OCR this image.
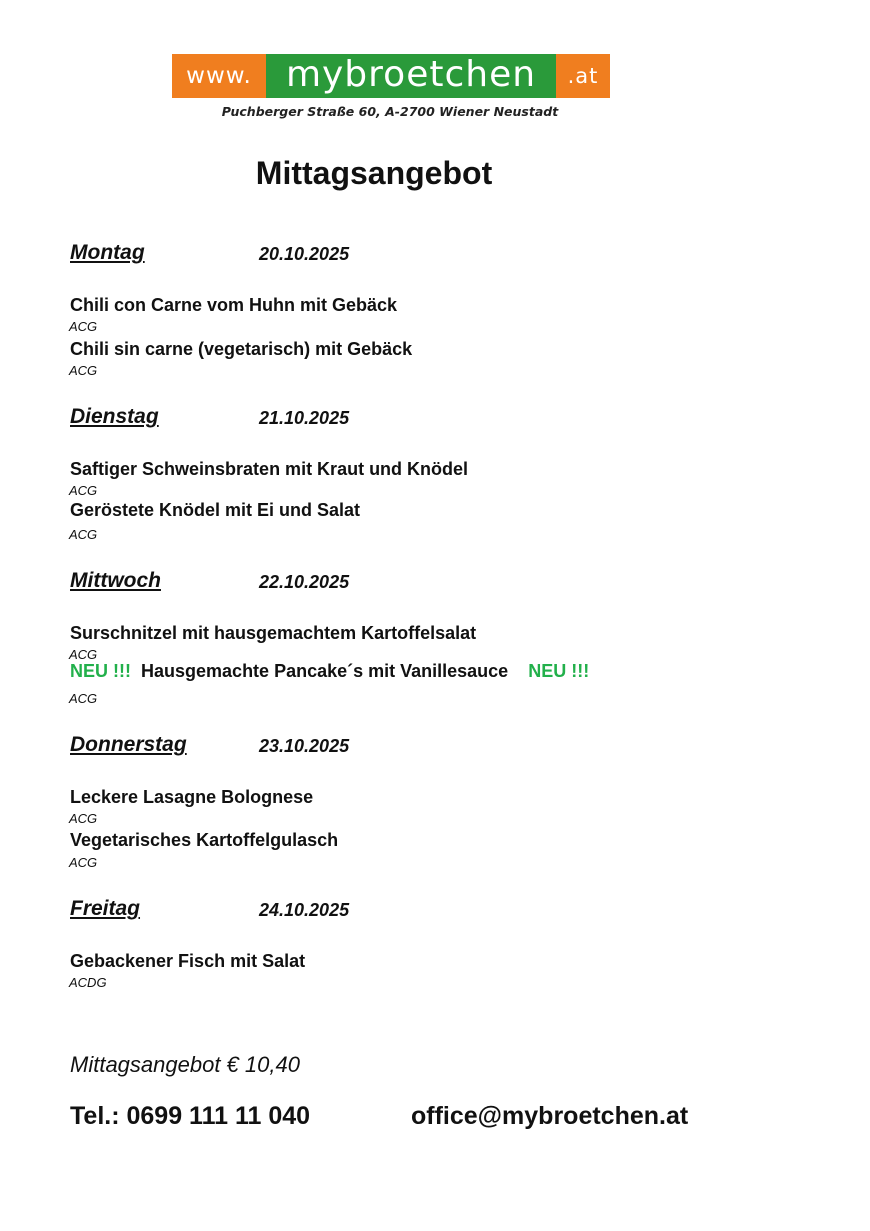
www. mybroetchen	.at
Puchberger Straße 60, A-2700 Wiener Neustadt
Mittagsangebot
Montag	20.10.2025
Chili con Carne vom Huhn mit Gebäck
ACG
Chili sin carne (vegetarisch) mit Gebäck
ACG
Dienstag	21.10.2025
Saftiger Schweinsbraten mit Kraut und Knödel
ACG
Geröstete Knödel mit Ei und Salat
ACG
Mittwoch	22.10.2025
Surschnitzel mit hausgemachtem Kartoffelsalat
ACG
NEU !!! Hausgemachte Pancake´s mit Vanillesauce NEU !!!
ACG
Donnerstag	23.10.2025
Leckere Lasagne Bolognese
ACG
Vegetarisches Kartoffelgulasch
ACG
Freitag	24.10.2025
Gebackener Fisch mit Salat
ACDG
Mittagsangebot € 10,40
Tel.: 0699 111 11 040	office@mybroetchen.at
